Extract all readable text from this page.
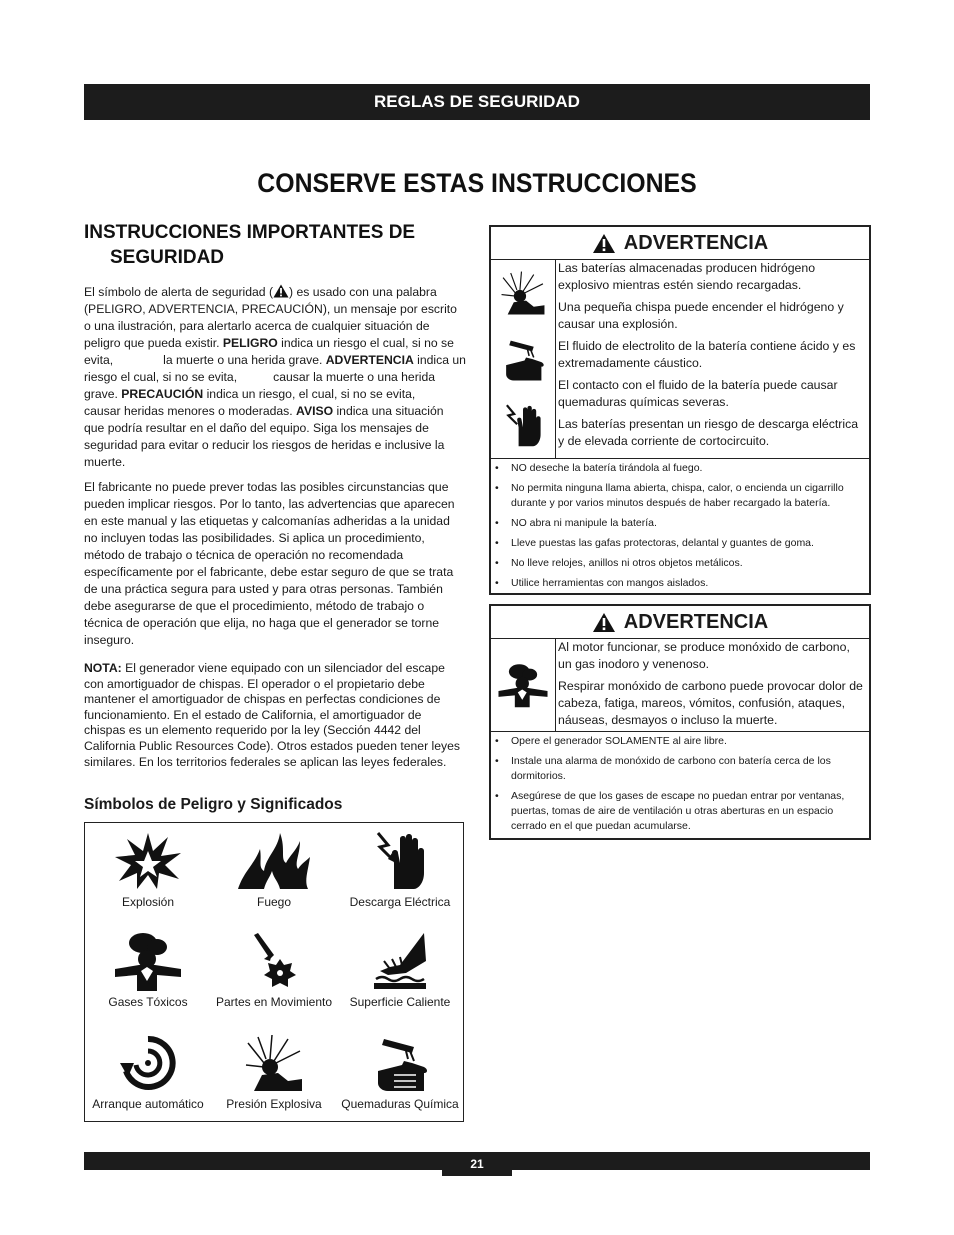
REGLAS DE SEGURIDAD
CONSERVE ESTAS INSTRUCCIONES
INSTRUCCIONES IMPORTANTES DE
SEGURIDAD

El símbolo de alerta de seguridad ( ) es usado con una palabra (PELIGRO, ADVERTENCIA, PRECAUCIÓN), un mensaje por escrito o una ilustración, para alertarlo acerca de cualquier situación de peligro que pueda existir. PELIGRO indica un riesgo el cual, si no se evita,	la muerte o una herida grave. ADVERTENCIA indica un riesgo el cual, si no se evita,	causar la muerte o una herida grave. PRECAUCIÓN indica un riesgo, el cual, si no se evita,causar heridas menores o moderadas. AVISO indica una situación que podría resultar en el daño del equipo. Siga los mensajes de seguridad para evitar o reducir los riesgos de heridas e inclusive la muerte.

El fabricante no puede prever todas las posibles circunstancias que pueden implicar riesgos. Por lo tanto, las advertencias que aparecen en este manual y las etiquetas y calcomanías adheridas a la unidad no incluyen todas las posibilidades. Si aplica un procedimiento, método de trabajo o técnica de operación no recomendada específicamente por el fabricante, debe estar seguro de que se trata de una práctica segura para usted y para otras personas. También debe asegurarse de que el procedimiento, método de trabajo o técnica de operación que elija, no haga que el generador se torne inseguro.

NOTA: El generador viene equipado con un silenciador del escape con amortiguador de chispas. El operador o el propietario debe mantener el amortiguador de chispas en perfectas condiciones de funcionamiento. En el estado de California, el amortiguador de chispas es un elemento requerido por la ley (Sección 4442 del California Public Resources Code). Otros estados pueden tener leyes similares. En los territorios federales se aplican las leyes federales.

Símbolos de Peligro y Significados
Explosión	Fuego	Descarga Eléctrica
Gases Tóxicos	Partes en Movimiento	Superficie Caliente
Arranque automático	Presión Explosiva	Quemaduras Química
ADVERTENCIA

Las baterías almacenadas producen hidrógeno explosivo mientras estén siendo recargadas.

Una pequeña chispa puede encender el hidrógeno y causar una explosión.

El fluido de electrolito de la batería contiene ácido y es extremadamente cáustico.

El contacto con el fluido de la batería puede causar quemaduras químicas severas.

Las baterías presentan un riesgo de descarga eléctrica y de elevada corriente de cortocircuito.

•	NO deseche la batería tirándola al fuego.
•	No permita ninguna llama abierta, chispa, calor, o encienda un cigarrillo durante y por varios minutos después de haber recargado la batería.
•	NO abra ni manipule la batería.
•	Lleve puestas las gafas protectoras, delantal y guantes de goma.
•	No lleve relojes, anillos ni otros objetos metálicos.
•	Utilice herramientas con mangos aislados.
ADVERTENCIA

Al motor funcionar, se produce monóxido de carbono, un gas inodoro y venenoso.

Respirar monóxido de carbono puede provocar dolor de cabeza, fatiga, mareos, vómitos, confusión, ataques, náuseas, desmayos o incluso la muerte.

•	Opere el generador SOLAMENTE al aire libre.
•	Instale una alarma de monóxido de carbono con batería cerca de los dormitorios.
•	Asegúrese de que los gases de escape no puedan entrar por ventanas, puertas, tomas de aire de ventilación u otras aberturas en un espacio cerrado en el que puedan acumularse.
21
